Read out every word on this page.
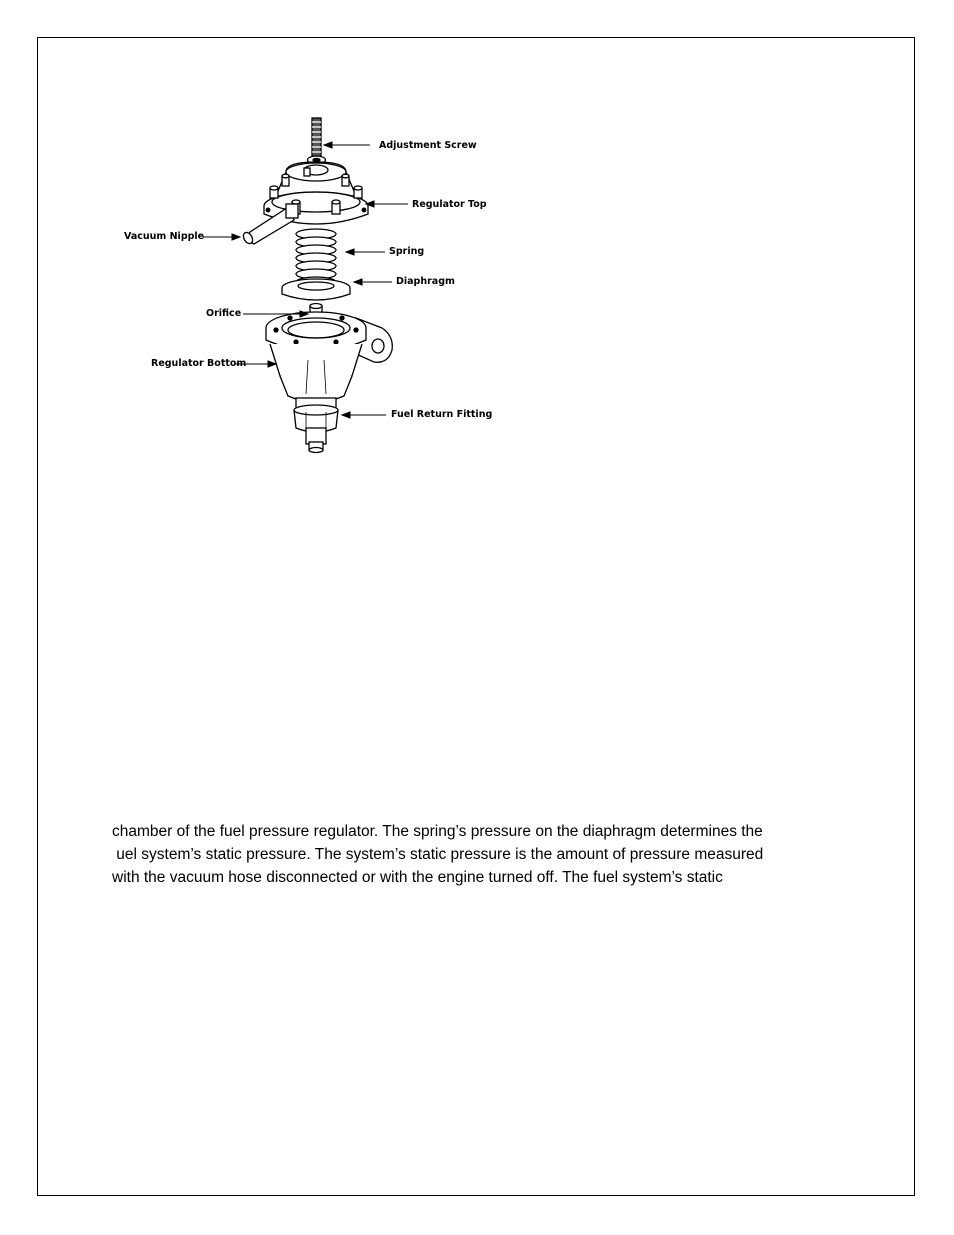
Adjustment Screw
Regulator Top
Vacuum Nipple
Spring
Diaphragm
Orifice
Regulator Bottom
Fuel Return Fitting
chamber of the fuel pressure regulator. The spring’s pressure on the diaphragm determines the
uel system’s static pressure. The system’s static pressure is the amount of pressure measured
with the vacuum hose disconnected or with the engine turned off. The fuel system’s static
